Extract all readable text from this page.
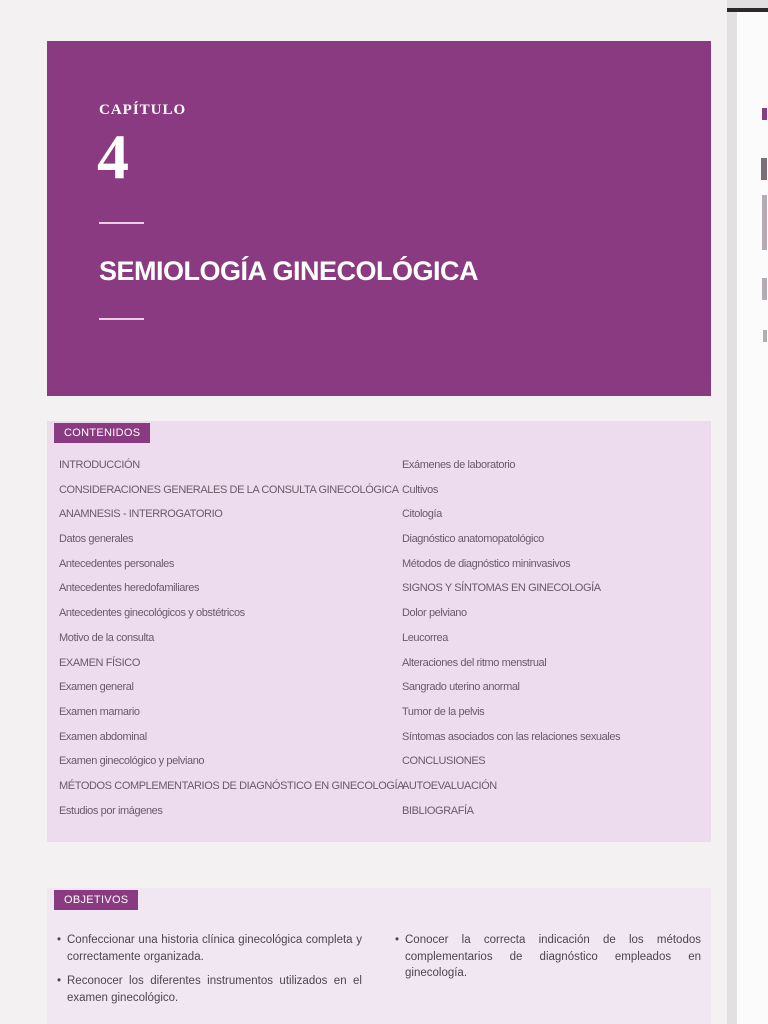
CAPÍTULO
4
SEMIOLOGÍA GINECOLÓGICA
CONTENIDOS
INTRODUCCIÓN
CONSIDERACIONES GENERALES DE LA CONSULTA GINECOLÓGICA
ANAMNESIS - INTERROGATORIO
Datos generales
Antecedentes personales
Antecedentes heredofamiliares
Antecedentes ginecológicos y obstétricos
Motivo de la consulta
EXAMEN FÍSICO
Examen general
Examen mamario
Examen abdominal
Examen ginecológico y pelviano
MÉTODOS COMPLEMENTARIOS DE DIAGNÓSTICO EN GINECOLOGÍA
Estudios por imágenes
Exámenes de laboratorio
Cultivos
Citología
Diagnóstico anatomopatológico
Métodos de diagnóstico mininvasivos
SIGNOS Y SÍNTOMAS EN GINECOLOGÍA
Dolor pelviano
Leucorrea
Alteraciones del ritmo menstrual
Sangrado uterino anormal
Tumor de la pelvis
Síntomas asociados con las relaciones sexuales
CONCLUSIONES
AUTOEVALUACIÓN
BIBLIOGRAFÍA
OBJETIVOS
• Confeccionar una historia clínica ginecológica completa y correctamente organizada.
• Reconocer los diferentes instrumentos utilizados en el examen ginecológico.
• Conocer la correcta indicación de los métodos complementarios de diagnóstico empleados en ginecología.
